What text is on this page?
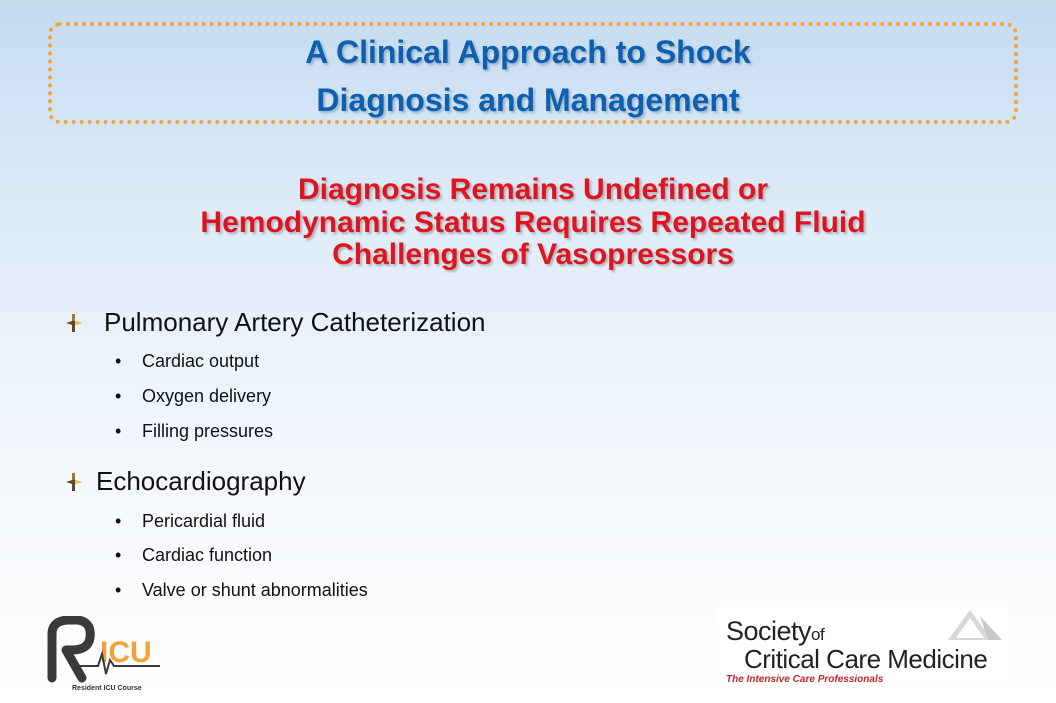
A Clinical Approach to Shock
Diagnosis and Management
Diagnosis Remains Undefined or
Hemodynamic Status Requires Repeated Fluid
Challenges of Vasopressors
Pulmonary Artery Catheterization
• Cardiac output
• Oxygen delivery
• Filling pressures
Echocardiography
• Pericardial fluid
• Cardiac function
• Valve or shunt abnormalities
ICU
Resident ICU Course
Societyof
Critical Care Medicine
The Intensive Care Professionals
